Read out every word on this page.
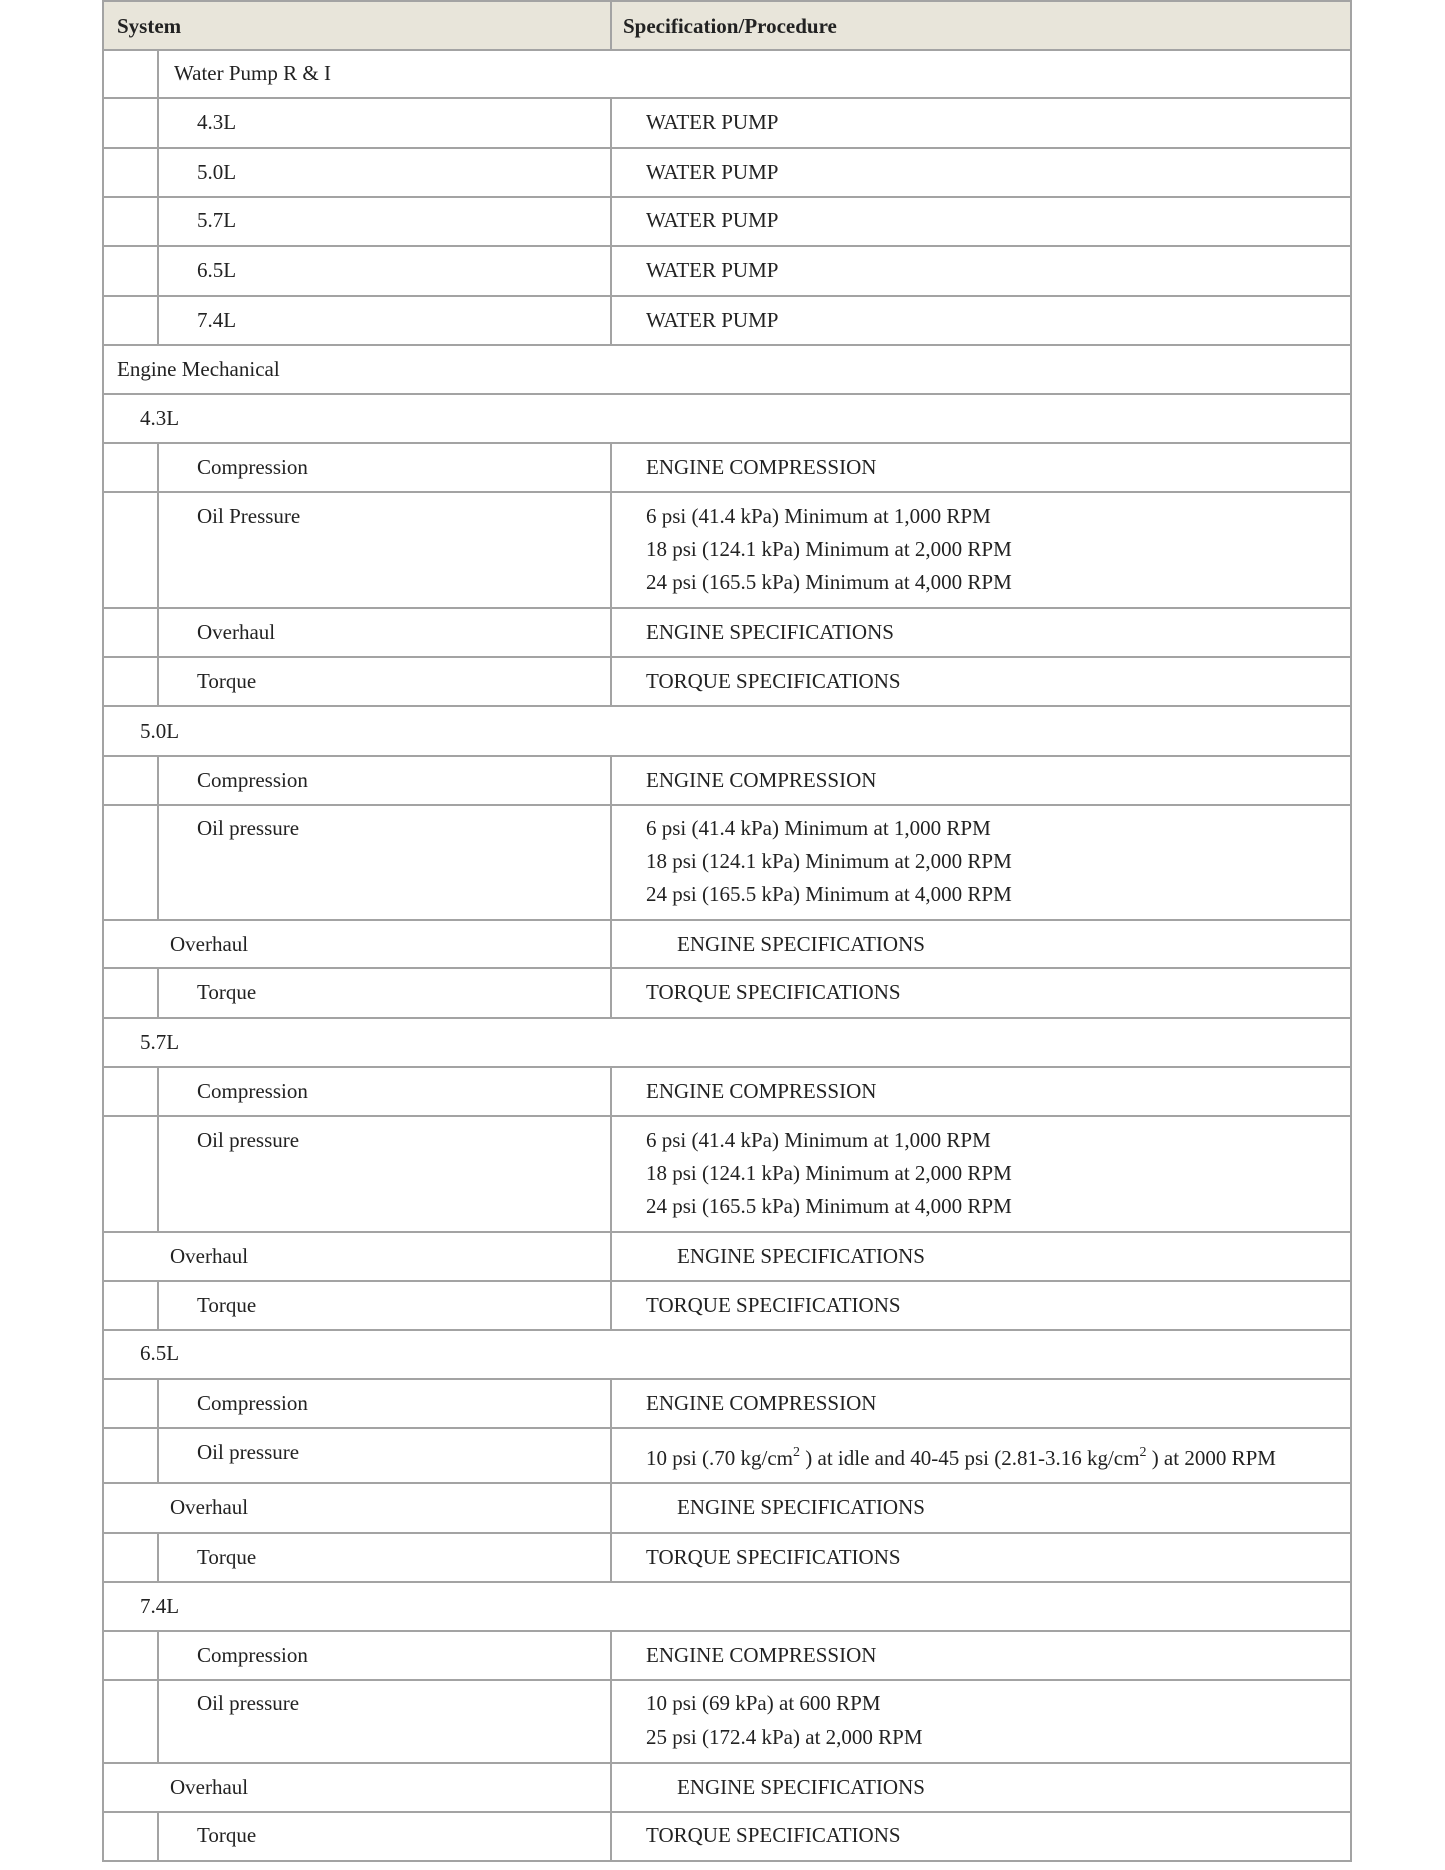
System	Specification/Procedure
Water Pump R & I
4.3L	WATER PUMP
5.0L	WATER PUMP
5.7L	WATER PUMP
6.5L	WATER PUMP
7.4L	WATER PUMP
Engine Mechanical
4.3L
Compression	ENGINE COMPRESSION
Oil Pressure	6 psi (41.4 kPa) Minimum at 1,000 RPM
18 psi (124.1 kPa) Minimum at 2,000 RPM
24 psi (165.5 kPa) Minimum at 4,000 RPM
Overhaul	ENGINE SPECIFICATIONS
Torque	TORQUE SPECIFICATIONS
5.0L
Compression	ENGINE COMPRESSION
Oil pressure	6 psi (41.4 kPa) Minimum at 1,000 RPM
18 psi (124.1 kPa) Minimum at 2,000 RPM
24 psi (165.5 kPa) Minimum at 4,000 RPM
Overhaul	ENGINE SPECIFICATIONS
Torque	TORQUE SPECIFICATIONS
5.7L
Compression	ENGINE COMPRESSION
Oil pressure	6 psi (41.4 kPa) Minimum at 1,000 RPM
18 psi (124.1 kPa) Minimum at 2,000 RPM
24 psi (165.5 kPa) Minimum at 4,000 RPM
Overhaul	ENGINE SPECIFICATIONS
Torque	TORQUE SPECIFICATIONS
6.5L
Compression	ENGINE COMPRESSION
Oil pressure	10 psi (.70 $kg/cm^2$ ) at idle and 40-45 psi (2.81-3.16 $kg/cm^2$ ) at 2000 RPM
Overhaul	ENGINE SPECIFICATIONS
Torque	TORQUE SPECIFICATIONS
7.4L
Compression	ENGINE COMPRESSION
Oil pressure	10 psi (69 kPa) at 600 RPM
25 psi (172.4 kPa) at 2,000 RPM
Overhaul	ENGINE SPECIFICATIONS
Torque	TORQUE SPECIFICATIONS
